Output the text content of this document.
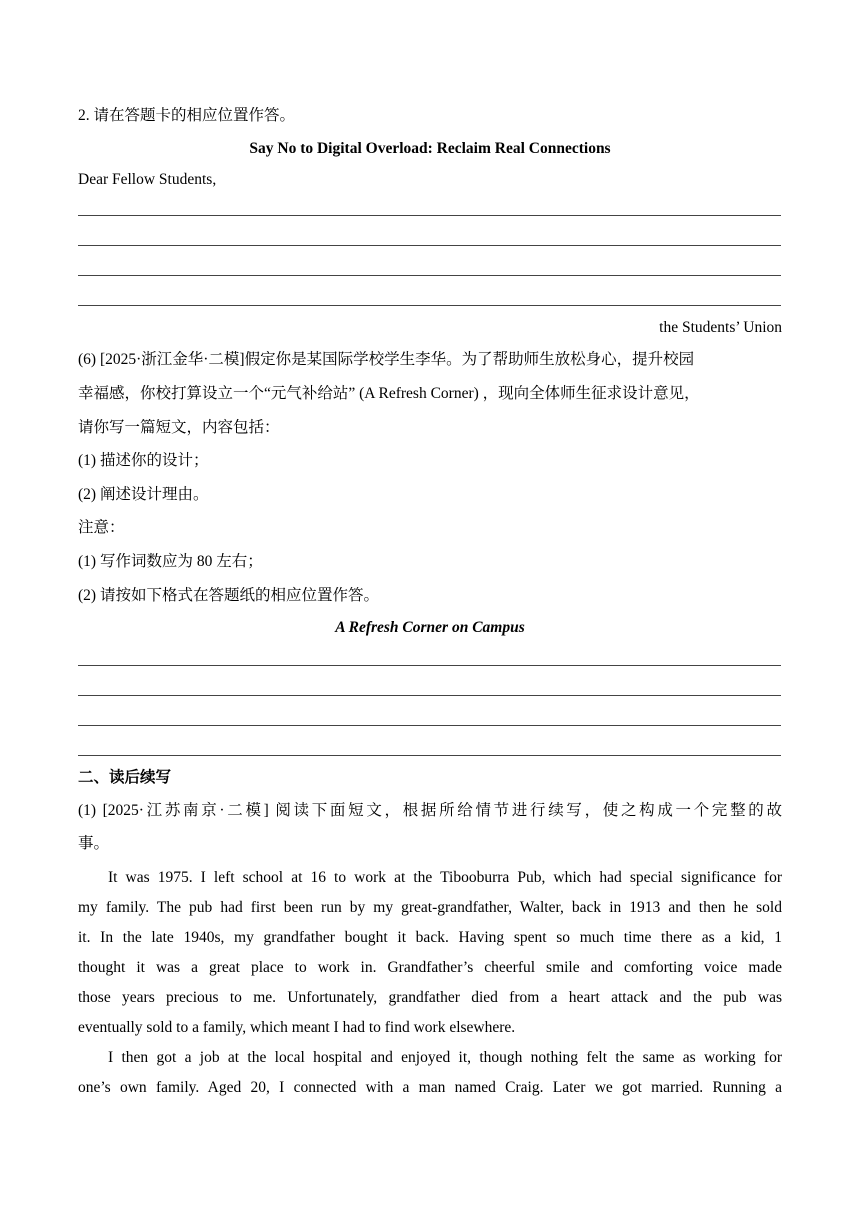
2. 请在答题卡的相应位置作答。
Say No to Digital Overload: Reclaim Real Connections
Dear Fellow Students,
the Students’ Union
(6) [2025·浙江金华·二模]假定你是某国际学校学生李华。为了帮助师生放松身心，提升校园
幸福感，你校打算设立一个“元气补给站” (A Refresh Corner) ，现向全体师生征求设计意见，
请你写一篇短文，内容包括：
(1) 描述你的设计；
(2) 阐述设计理由。
注意：
(1) 写作词数应为 80 左右；
(2) 请按如下格式在答题纸的相应位置作答。
A Refresh Corner on Campus
二、读后续写
(1) [2025·江苏南京·二模] 阅读下面短文，根据所给情节进行续写，使之构成一个完整的故
事。
It was 1975. I left school at 16 to work at the Tibooburra Pub, which had special significance for
my family. The pub had first been run by my great-grandfather, Walter, back in 1913 and then he sold
it. In the late 1940s, my grandfather bought it back. Having spent so much time there as a kid, 1
thought it was a great place to work in. Grandfather’s cheerful smile and comforting voice made
those years precious to me. Unfortunately, grandfather died from a heart attack and the pub was
eventually sold to a family, which meant I had to find work elsewhere.
I then got a job at the local hospital and enjoyed it, though nothing felt the same as working for
one’s own family. Aged 20, I connected with a man named Craig. Later we got married. Running a
